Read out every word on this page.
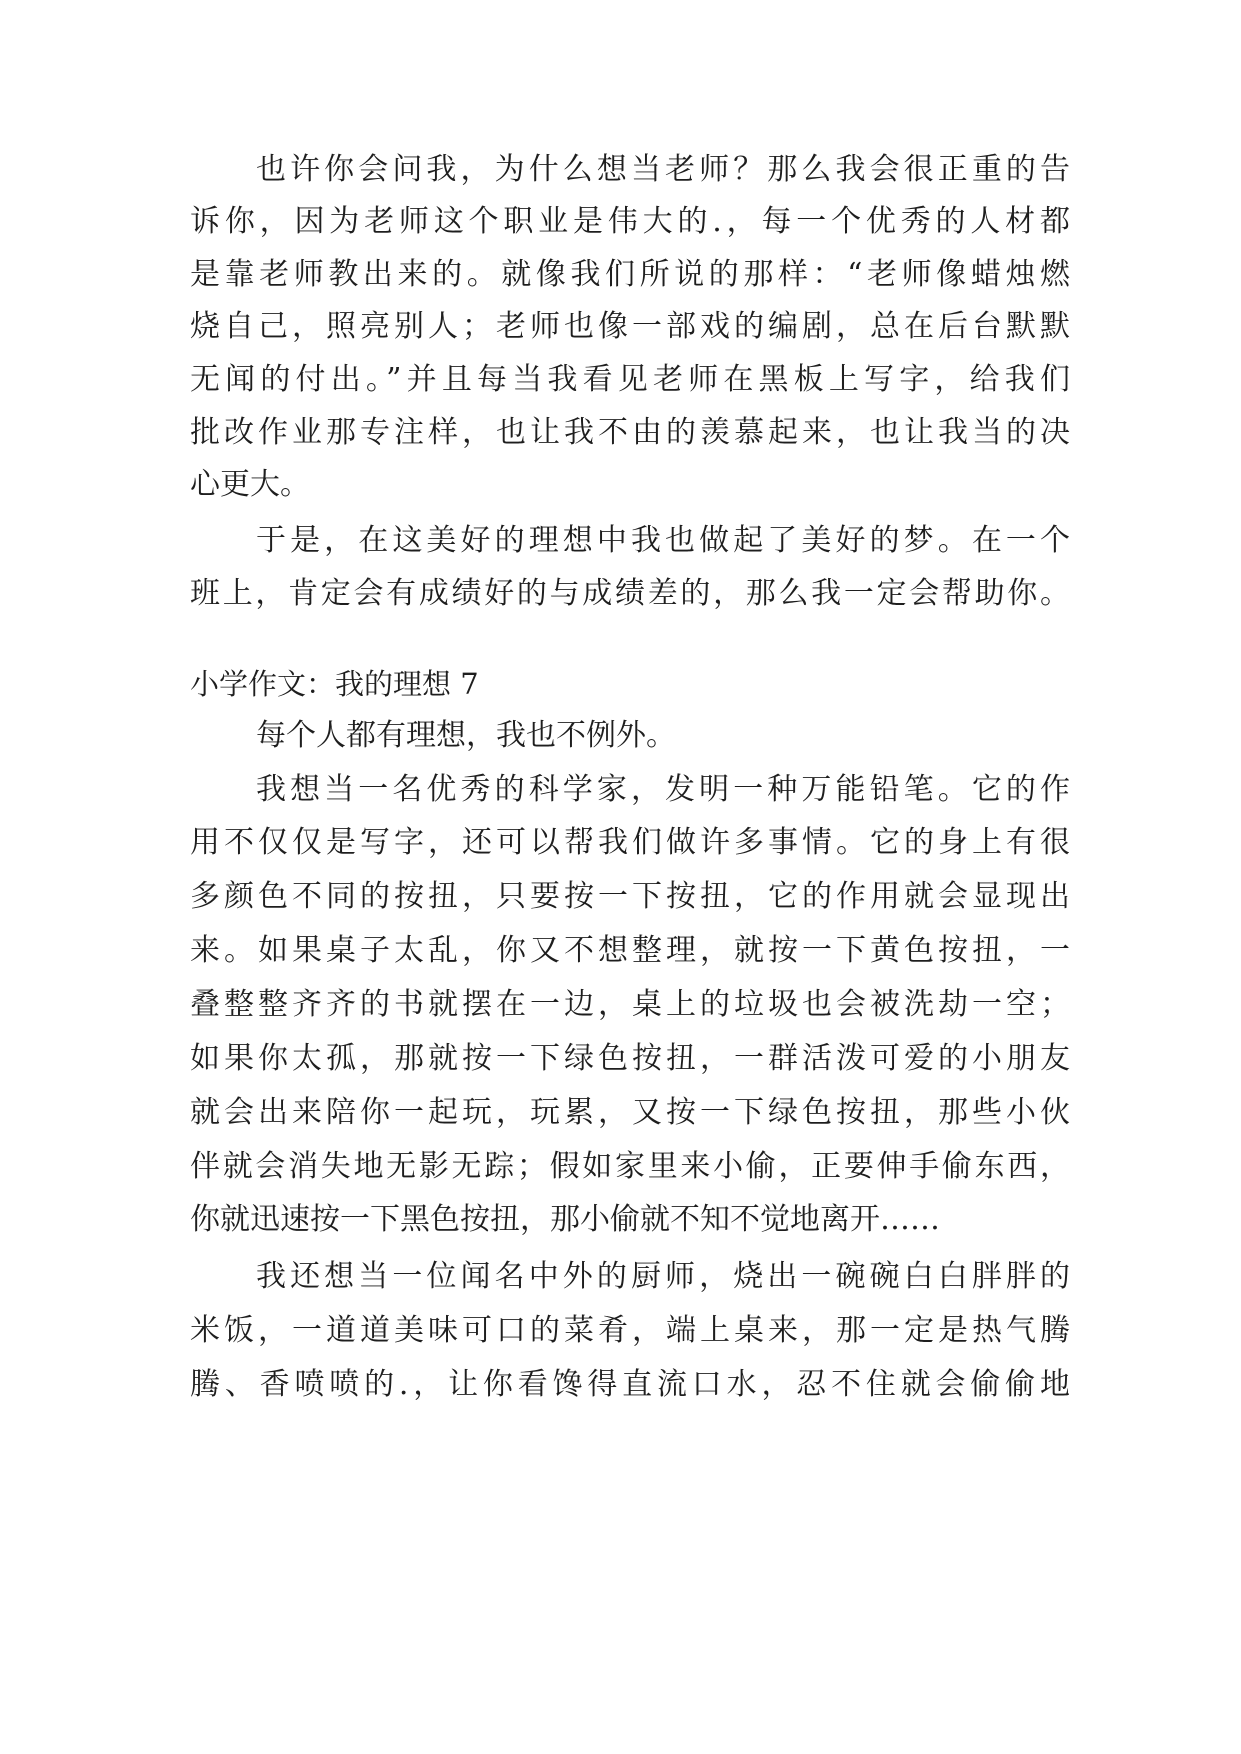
也许你会问我，为什么想当老师？那么我会很正重的告

诉你，因为老师这个职业是伟大的.，每一个优秀的人材都

是靠老师教出来的。就像我们所说的那样：“老师像蜡烛燃

烧自己，照亮别人；老师也像一部戏的编剧，总在后台默默

无闻的付出。”并且每当我看见老师在黑板上写字，给我们

批改作业那专注样，也让我不由的羡慕起来，也让我当的决

心更大。

于是，在这美好的理想中我也做起了美好的梦。在一个

班上，肯定会有成绩好的与成绩差的，那么我一定会帮助你。

小学作文：我的理想 7

每个人都有理想，我也不例外。

我想当一名优秀的科学家，发明一种万能铅笔。它的作

用不仅仅是写字，还可以帮我们做许多事情。它的身上有很

多颜色不同的按扭，只要按一下按扭，它的作用就会显现出

来。如果桌子太乱，你又不想整理，就按一下黄色按扭，一

叠整整齐齐的书就摆在一边，桌上的垃圾也会被洗劫一空；

如果你太孤，那就按一下绿色按扭，一群活泼可爱的小朋友

就会出来陪你一起玩，玩累，又按一下绿色按扭，那些小伙

伴就会消失地无影无踪；假如家里来小偷，正要伸手偷东西，

你就迅速按一下黑色按扭，那小偷就不知不觉地离开……

我还想当一位闻名中外的厨师，烧出一碗碗白白胖胖的

米饭，一道道美味可口的菜肴，端上桌来，那一定是热气腾

腾、香喷喷的.，让你看馋得直流口水，忍不住就会偷偷地
